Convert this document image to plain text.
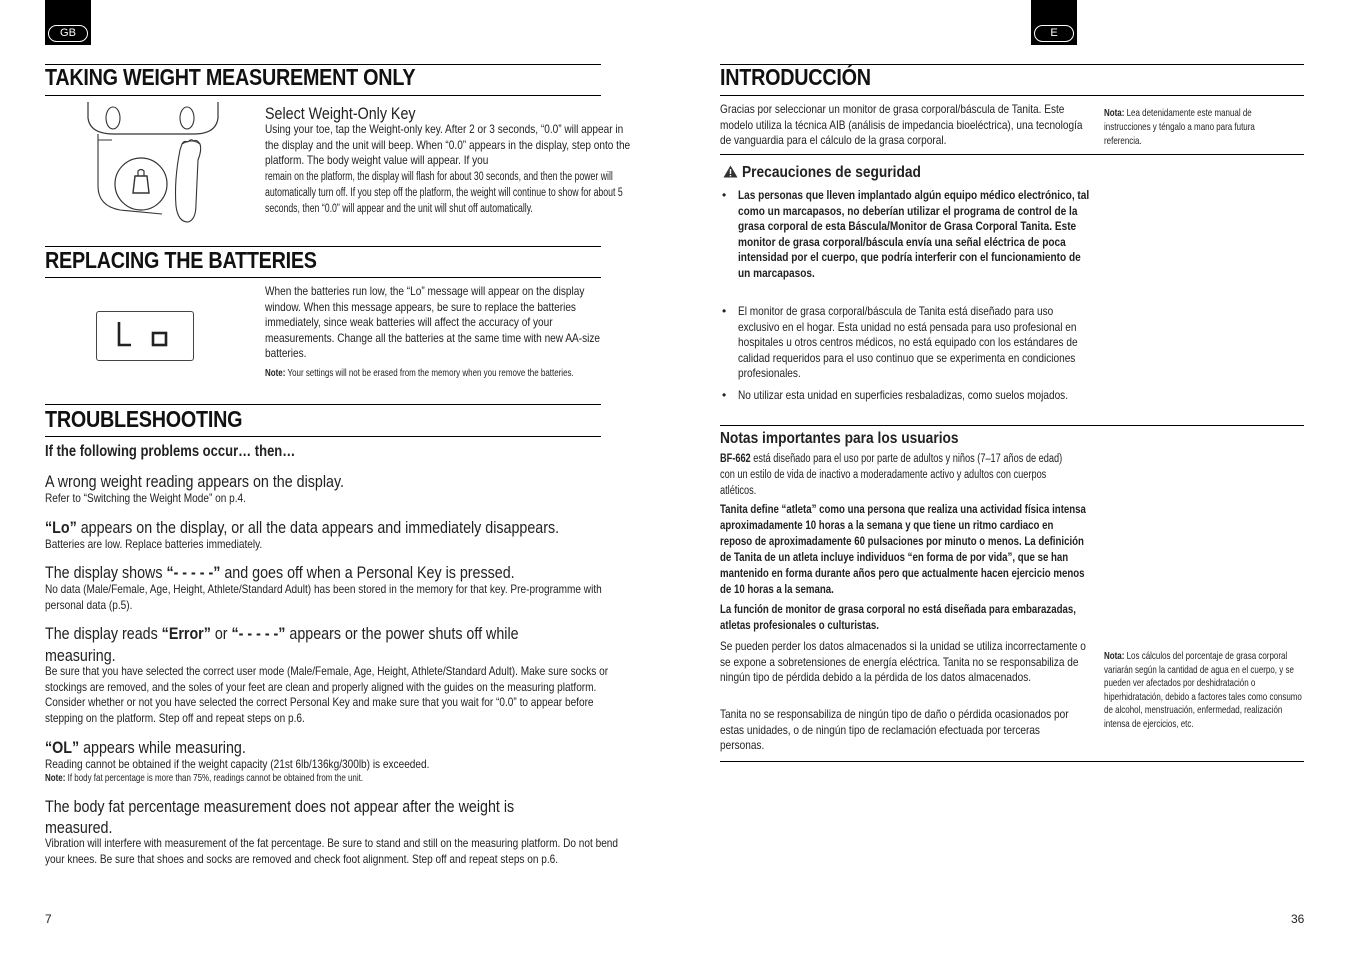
GB
TAKING WEIGHT MEASUREMENT ONLY
Select Weight-Only Key
Using your toe, tap the Weight-only key. After 2 or 3 seconds, “0.0” will appear in the display and the unit will beep. When “0.0” appears in the display, step onto the platform. The body weight value will appear. If you
remain on the platform, the display will flash for about 30 seconds, and then the power will automatically turn off. If you step off the platform, the weight will continue to show for about 5 seconds, then “0.0” will appear and the unit will shut off automatically.
REPLACING THE BATTERIES
When the batteries run low, the “Lo” message will appear on the display window. When this message appears, be sure to replace the batteries immediately, since weak batteries will affect the accuracy of your measurements. Change all the batteries at the same time with new AA-size batteries.
Note: Your settings will not be erased from the memory when you remove the batteries.
TROUBLESHOOTING
If the following problems occur… then…
A wrong weight reading appears on the display.
Refer to “Switching the Weight Mode” on p.4.
“Lo” appears on the display, or all the data appears and immediately disappears.
Batteries are low. Replace batteries immediately.
The display shows “- - - - -” and goes off when a Personal Key is pressed.
No data (Male/Female, Age, Height, Athlete/Standard Adult) has been stored in the memory for that key. Pre-programme with personal data (p.5).
The display reads “Error” or “- - - - -” appears or the power shuts off while
measuring.
Be sure that you have selected the correct user mode (Male/Female, Age, Height, Athlete/Standard Adult). Make sure socks or stockings are removed, and the soles of your feet are clean and properly aligned with the guides on the measuring platform. Consider whether or not you have selected the correct Personal Key and make sure that you wait for “0.0” to appear before stepping on the platform. Step off and repeat steps on p.6.
“OL” appears while measuring.
Reading cannot be obtained if the weight capacity (21st 6lb/136kg/300lb) is exceeded.
Note: If body fat percentage is more than 75%, readings cannot be obtained from the unit.
The body fat percentage measurement does not appear after the weight is measured.
Vibration will interfere with measurement of the fat percentage. Be sure to stand and still on the measuring platform. Do not bend your knees. Be sure that shoes and socks are removed and check foot alignment. Step off and repeat steps on p.6.
7
E
INTRODUCCIÓN
Gracias por seleccionar un monitor de grasa corporal/báscula de Tanita. Este modelo utiliza la técnica AIB (análisis de impedancia bioeléctrica), una tecnología de vanguardia para el cálculo de la grasa corporal.
Nota: Lea detenidamente este manual de instrucciones y téngalo a mano para futura referencia.
Precauciones de seguridad
• Las personas que lleven implantado algún equipo médico electrónico, tal como un marcapasos, no deberían utilizar el programa de control de la grasa corporal de esta Báscula/Monitor de Grasa Corporal Tanita. Este monitor de grasa corporal/báscula envía una señal eléctrica de poca intensidad por el cuerpo, que podría interferir con el funcionamiento de un marcapasos.
• El monitor de grasa corporal/báscula de Tanita está diseñado para uso exclusivo en el hogar. Esta unidad no está pensada para uso profesional en hospitales u otros centros médicos, no está equipado con los estándares de calidad requeridos para el uso continuo que se experimenta en condiciones profesionales.
• No utilizar esta unidad en superficies resbaladizas, como suelos mojados.
Notas importantes para los usuarios
BF-662 está diseñado para el uso por parte de adultos y niños (7–17 años de edad) con un estilo de vida de inactivo a moderadamente activo y adultos con cuerpos atléticos.
Tanita define “atleta” como una persona que realiza una actividad física intensa aproximadamente 10 horas a la semana y que tiene un ritmo cardiaco en reposo de aproximadamente 60 pulsaciones por minuto o menos. La definición de Tanita de un atleta incluye individuos “en forma de por vida”, que se han mantenido en forma durante años pero que actualmente hacen ejercicio menos de 10 horas a la semana.
La función de monitor de grasa corporal no está diseñada para embarazadas, atletas profesionales o culturistas.
Se pueden perder los datos almacenados si la unidad se utiliza incorrectamente o se expone a sobretensiones de energía eléctrica. Tanita no se responsabiliza de ningún tipo de pérdida debido a la pérdida de los datos almacenados.
Tanita no se responsabiliza de ningún tipo de daño o pérdida ocasionados por estas unidades, o de ningún tipo de reclamación efectuada por terceras personas.
Nota: Los cálculos del porcentaje de grasa corporal variarán según la cantidad de agua en el cuerpo, y se pueden ver afectados por deshidratación o hiperhidratación, debido a factores tales como consumo de alcohol, menstruación, enfermedad, realización intensa de ejercicios, etc.
36
